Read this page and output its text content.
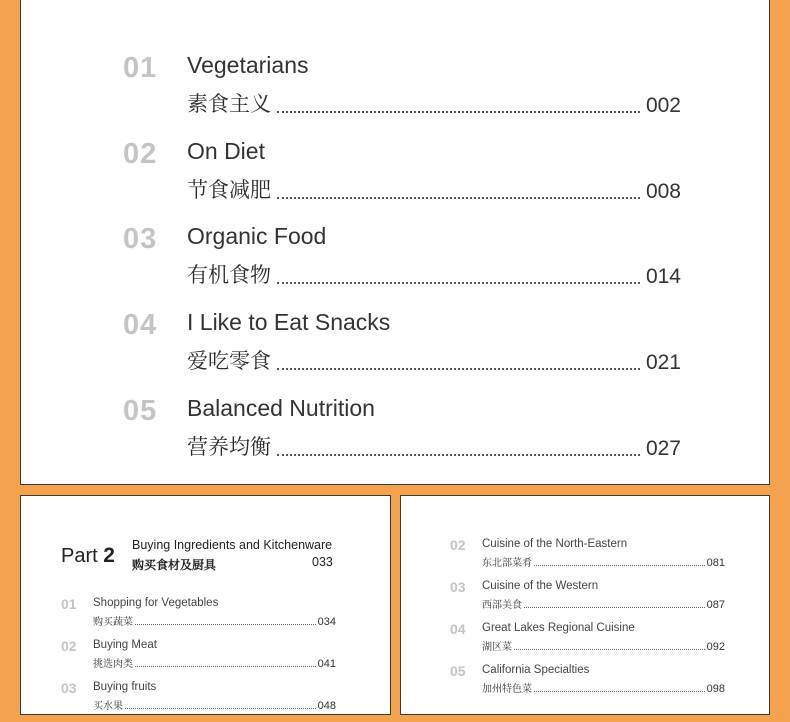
01 Vegetarians
素食主义	002
02 On Diet
节食减肥	008
03 Organic Food
有机食物	014
04 I Like to Eat Snacks
爱吃零食	021
05 Balanced Nutrition
营养均衡	027
Part 2 Buying Ingredients and Kitchenware
购买食材及厨具	033
01 Shopping for Vegetables
购买蔬菜	034
02 Buying Meat
挑选肉类	041
03 Buying fruits
买水果	048
02 Cuisine of the North-Eastern
东北部菜肴	081
03 Cuisine of the Western
西部美食	087
04 Great Lakes Regional Cuisine
湖区菜	092
05 California Specialties
加州特色菜	098
